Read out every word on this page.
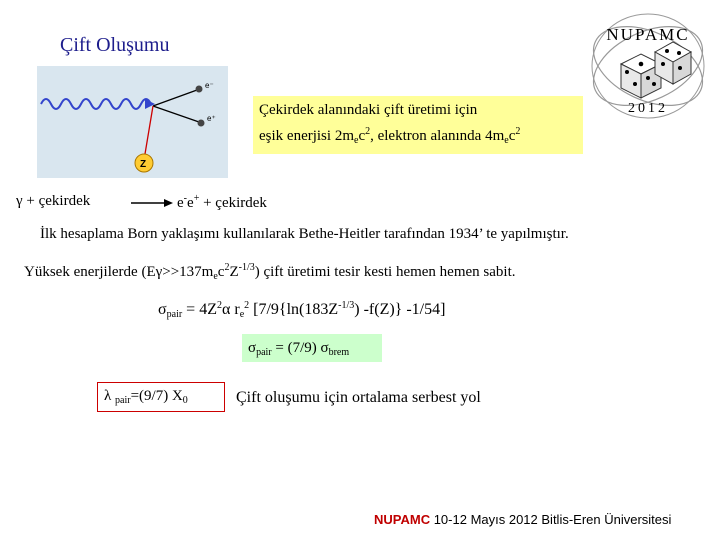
Çift Oluşumu
e⁻
e⁺
Z
Çekirdek alanındaki çift üretimi için
eşik enerjisi $2m_ec^2$, elektron alanında $4m_ec^2$
NUPAMC
2012
γ + çekirdek	→ e-e+ + çekirdek
İlk hesaplama Born yaklaşımı kullanılarak Bethe-Heitler tarafından 1934’ te yapılmıştır.
Yüksek enerjilerde $(E\gamma>>137m_ec^2Z^{-1/3})$ çift üretimi tesir kesti hemen hemen sabit.
$\sigma_{pair} = 4Z^2\alpha$ $r_e^2$ [$7/9\{\ln(183Z^{-1/3})$ -f(Z)} -1/54]
$\sigma_{pair} = (7/9)$ $\sigma_{brem}$
λ $_{pair}$=(9/7) $X_0$	Çift oluşumu için ortalama serbest yol
NUPAMC 10-12 Mayıs 2012 Bitlis-Eren Üniversitesi
